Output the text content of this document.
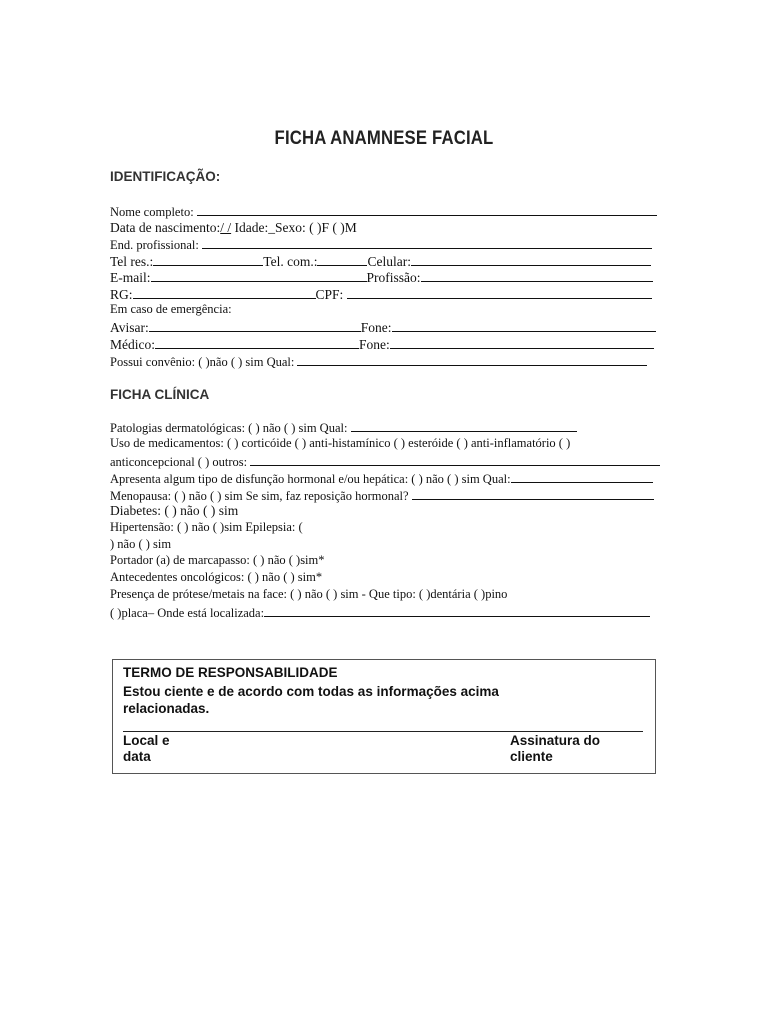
FICHA ANAMNESE FACIAL
IDENTIFICAÇÃO:
Nome completo:
Data de nascimento:/ / Idade:_Sexo: ( )F ( )M
End. profissional:
Tel res.:	Tel. com.:	Celular:
E-mail:	Profissão:
RG:	CPF:
Em caso de emergência:
Avisar:	Fone:
Médico:	Fone:
Possui convênio: ( )não ( ) sim Qual:
FICHA CLÍNICA
Patologias dermatológicas: ( ) não ( ) sim Qual:
Uso de medicamentos: ( ) corticóide ( ) anti-histamínico ( ) esteróide ( ) anti-inflamatório ( )
anticoncepcional ( ) outros:
Apresenta algum tipo de disfunção hormonal e/ou hepática: ( ) não ( ) sim Qual:
Menopausa: ( ) não ( ) sim Se sim, faz reposição hormonal?
Diabetes: ( ) não ( ) sim
Hipertensão: ( ) não ( )sim Epilepsia: (
) não ( ) sim
Portador (a) de marcapasso: ( ) não ( )sim*
Antecedentes oncológicos: ( ) não ( ) sim*
Presença de prótese/metais na face: ( ) não ( ) sim - Que tipo: ( )dentária ( )pino
( )placa– Onde está localizada:
TERMO DE RESPONSABILIDADE
Estou ciente e de acordo com todas as informações acima relacionadas.
Local e data
Assinatura do cliente
